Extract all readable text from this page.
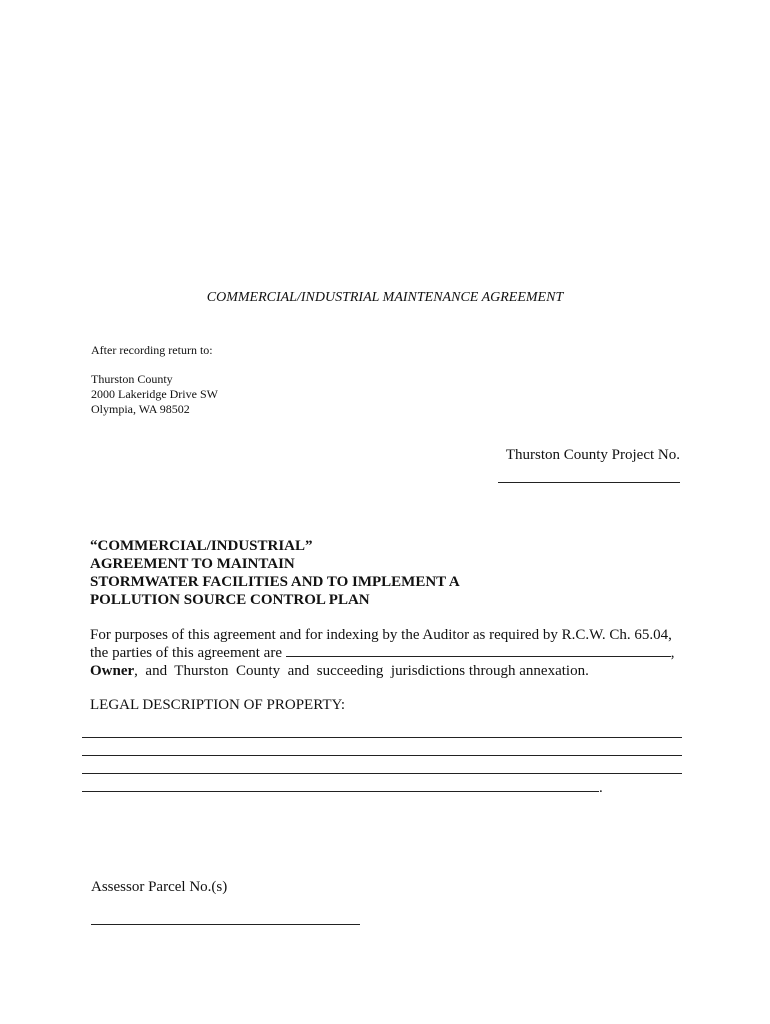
COMMERCIAL/INDUSTRIAL MAINTENANCE AGREEMENT
After recording return to:
Thurston County
2000 Lakeridge Drive SW
Olympia, WA 98502
Thurston County Project No.
“COMMERCIAL/INDUSTRIAL”
AGREEMENT TO MAINTAIN
STORMWATER FACILITIES AND TO IMPLEMENT A
POLLUTION SOURCE CONTROL PLAN
For purposes of this agreement and for indexing by the Auditor as required by R.C.W. Ch. 65.04,
the parties of this agreement are	,
Owner,  and  Thurston  County  and  succeeding  jurisdictions through annexation.
LEGAL DESCRIPTION OF PROPERTY:
.
Assessor Parcel No.(s)
